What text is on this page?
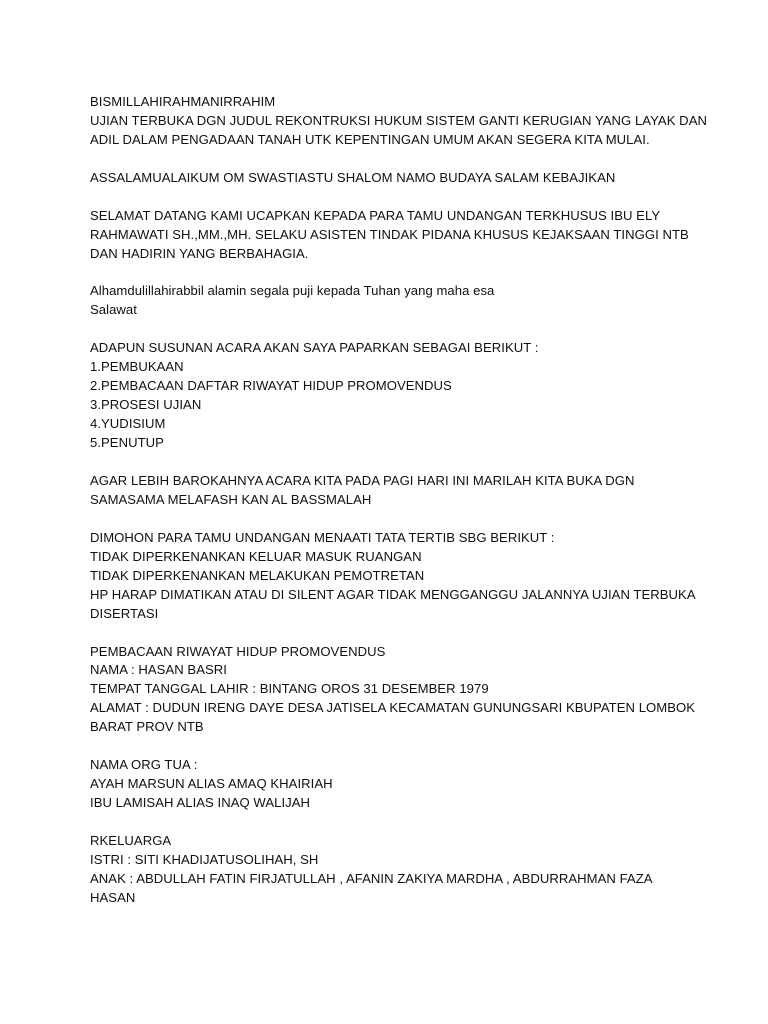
BISMILLAHIRAHMANIRRAHIM
UJIAN TERBUKA DGN JUDUL REKONTRUKSI HUKUM SISTEM GANTI KERUGIAN YANG LAYAK DAN
ADIL DALAM PENGADAAN TANAH UTK KEPENTINGAN UMUM AKAN SEGERA KITA MULAI.
ASSALAMUALAIKUM OM SWASTIASTU SHALOM NAMO BUDAYA SALAM KEBAJIKAN
SELAMAT DATANG KAMI UCAPKAN KEPADA PARA TAMU UNDANGAN TERKHUSUS IBU ELY
RAHMAWATI SH.,MM.,MH. SELAKU ASISTEN TINDAK PIDANA KHUSUS KEJAKSAAN TINGGI NTB
DAN HADIRIN YANG BERBAHAGIA.
Alhamdulillahirabbil alamin segala puji kepada Tuhan yang maha esa
Salawat
ADAPUN SUSUNAN ACARA AKAN SAYA PAPARKAN SEBAGAI BERIKUT :
1.PEMBUKAAN
2.PEMBACAAN DAFTAR RIWAYAT HIDUP PROMOVENDUS
3.PROSESI UJIAN
4.YUDISIUM
5.PENUTUP
AGAR LEBIH BAROKAHNYA ACARA KITA PADA PAGI HARI INI MARILAH KITA BUKA DGN
SAMASAMA MELAFASH KAN AL BASSMALAH
DIMOHON PARA TAMU UNDANGAN MENAATI TATA TERTIB SBG BERIKUT :
TIDAK DIPERKENANKAN KELUAR MASUK RUANGAN
TIDAK DIPERKENANKAN MELAKUKAN PEMOTRETAN
HP HARAP DIMATIKAN ATAU DI SILENT AGAR TIDAK MENGGANGGU JALANNYA UJIAN TERBUKA
DISERTASI
PEMBACAAN RIWAYAT HIDUP PROMOVENDUS
NAMA : HASAN BASRI
TEMPAT TANGGAL LAHIR : BINTANG OROS 31 DESEMBER 1979
ALAMAT : DUDUN IRENG DAYE DESA JATISELA KECAMATAN GUNUNGSARI KBUPATEN LOMBOK
BARAT PROV NTB
NAMA ORG TUA :
AYAH MARSUN ALIAS AMAQ KHAIRIAH
IBU LAMISAH ALIAS INAQ WALIJAH
RKELUARGA
ISTRI : SITI KHADIJATUSOLIHAH, SH
ANAK : ABDULLAH FATIN FIRJATULLAH , AFANIN ZAKIYA MARDHA , ABDURRAHMAN FAZA
HASAN
